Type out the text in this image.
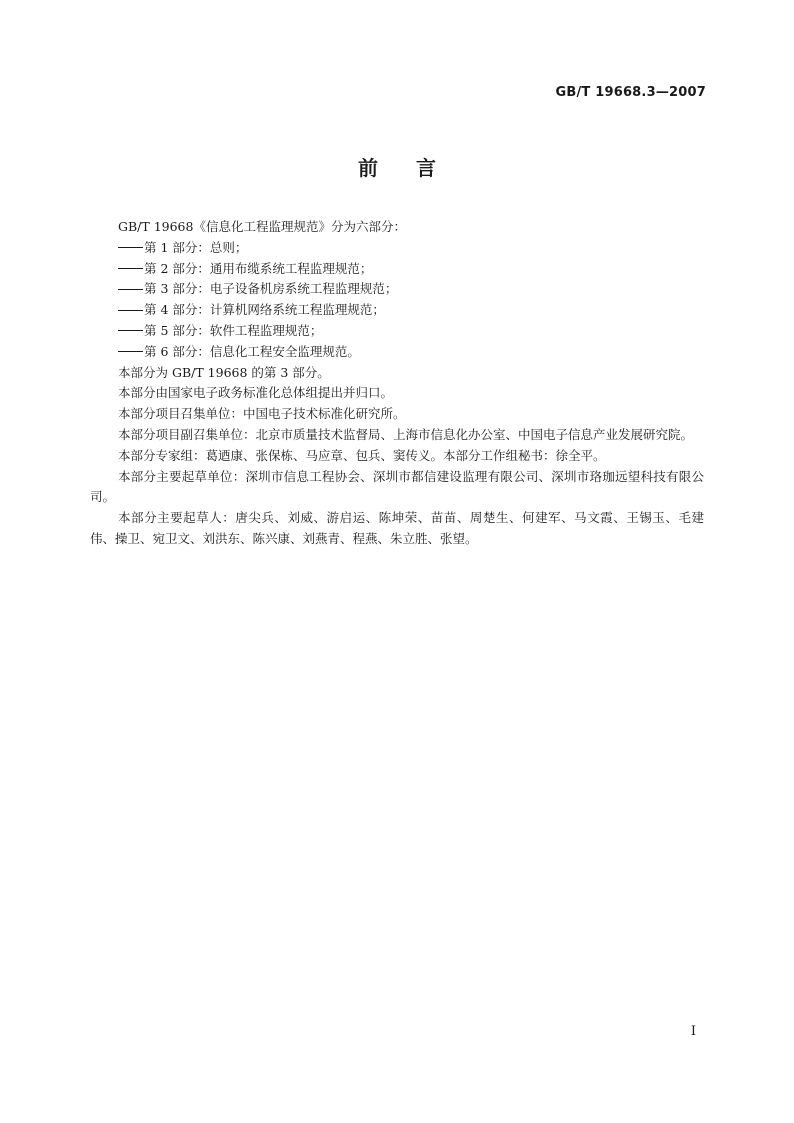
GB/T 19668.3—2007
前言

GB/T 19668《信息化工程监理规范》分为六部分：

第 1 部分：总则；

第 2 部分：通用布缆系统工程监理规范；

第 3 部分：电子设备机房系统工程监理规范；

第 4 部分：计算机网络系统工程监理规范；

第 5 部分：软件工程监理规范；

第 6 部分：信息化工程安全监理规范。

本部分为 GB/T 19668 的第 3 部分。

本部分由国家电子政务标准化总体组提出并归口。

本部分项目召集单位：中国电子技术标准化研究所。

本部分项目副召集单位：北京市质量技术监督局、上海市信息化办公室、中国电子信息产业发展研究院。

本部分专家组：葛迺康、张保栋、马应章、包兵、窦传义。本部分工作组秘书：徐全平。

本部分主要起草单位：深圳市信息工程协会、深圳市都信建设监理有限公司、深圳市珞珈远望科技有限公司。

本部分主要起草人：唐尖兵、刘威、游启运、陈坤荣、苗苗、周楚生、何建军、马文霞、王锡玉、毛建伟、操卫、宛卫文、刘洪东、陈兴康、刘燕青、程燕、朱立胜、张望。

I
